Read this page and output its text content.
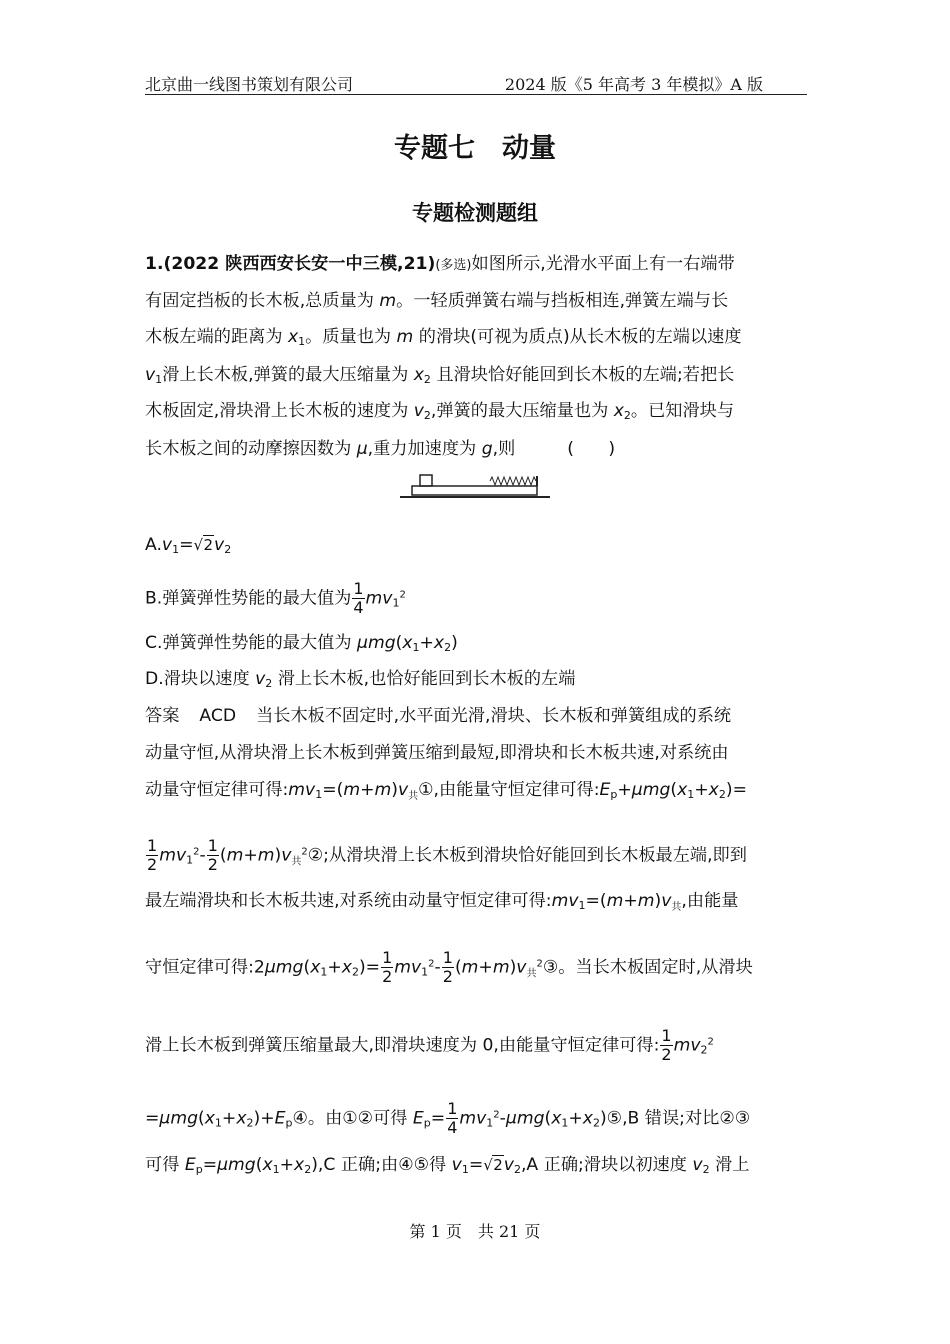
北京曲一线图书策划有限公司	2024 版《5 年高考 3 年模拟》A 版
专题七　动量
专题检测题组
1.(2022 陕西西安长安一中三模,21)(多选)如图所示,光滑水平面上有一右端带
有固定挡板的长木板,总质量为 m。一轻质弹簧右端与挡板相连,弹簧左端与长
木板左端的距离为 $x_1$。质量也为 m 的滑块(可视为质点)从长木板的左端以速度
$v_1$滑上长木板,弹簧的最大压缩量为 $x_2$ 且滑块恰好能回到长木板的左端;若把长
木板固定,滑块滑上长木板的速度为 $v_2$,弹簧的最大压缩量也为 $x_2$。已知滑块与
长木板之间的动摩擦因数为 μ,重力加速度为 g,则	(　　)
$A.v_1=√$ $2v_2$
B.弹簧弹性势能的最大值为 $\frac{1}{4} mv_1^2$
C.弹簧弹性势能的最大值为 $\mu mg(x_1+x_2)$
D.滑块以速度 $v_2$ 滑上长木板,也恰好能回到长木板的左端
答案 ACD 当长木板不固定时,水平面光滑,滑块、长木板和弹簧组成的系统
动量守恒,从滑块滑上长木板到弹簧压缩到最短,即滑块和长木板共速,对系统由
动量守恒定律可得$:mv_1=(m+m)v_共①$,由能量守恒定律可得$:E_p+\mu mg(x_1+x_2)=$
$\frac{1}{2} mv_1^2- \frac{1}{2}$ $(m+m)v_共^2②$;从滑块滑上长木板到滑块恰好能回到长木板最左端,即到
最左端滑块和长木板共速,对系统由动量守恒定律可得$:mv_1=(m+m)v_共$,由能量
守恒定律可得$:2\mu mg(x_1+x_2)= \frac{1}{2} mv_1^2- \frac{1}{2}$ $(m+m)v_共^2③$。当长木板固定时,从滑块
滑上长木板到弹簧压缩量最大,即滑块速度为 0,由能量守恒定律可得: $\frac{1}{2} mv_2^2$
$=\mu mg(x_1+x_2)+E_p④$。由①②可得 $E_p= \frac{1}{4}$ $mv_1^2-\mu mg(x_1+x_2)⑤,B$ 错误;对比②③
可得 $E_p=\mu mg(x_1+x_2),C$ 正确;由④⑤得 $v_1=√$ $2v_2,A$ 正确;滑块以初速度 $v_2$ 滑上
第 1 页　共 21 页
